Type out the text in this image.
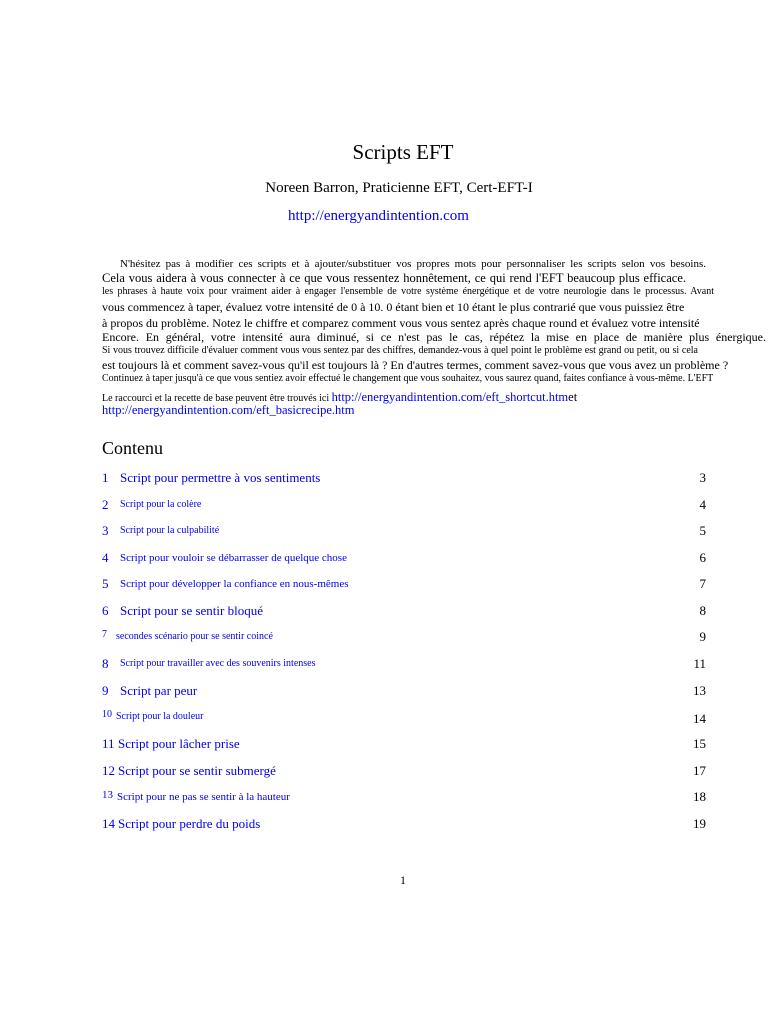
Scripts EFT
Noreen Barron, Praticienne EFT, Cert-EFT-I
http://energyandintention.com
N'hésitez pas à modifier ces scripts et à ajouter/substituer vos propres mots pour personnaliser les scripts selon vos besoins.
Cela vous aidera à vous connecter à ce que vous ressentez honnêtement, ce qui rend l'EFT beaucoup plus efficace.
les phrases à haute voix pour vraiment aider à engager l'ensemble de votre système énergétique et de votre neurologie dans le processus. Avant
vous commencez à taper, évaluez votre intensité de 0 à 10. 0 étant bien et 10 étant le plus contrarié que vous puissiez être
à propos du problème. Notez le chiffre et comparez comment vous vous sentez après chaque round et évaluez votre intensité
Encore. En général, votre intensité aura diminué, si ce n'est pas le cas, répétez la mise en place de manière plus énergique.
Si vous trouvez difficile d'évaluer comment vous vous sentez par des chiffres, demandez-vous à quel point le problème est grand ou petit, ou si cela
est toujours là et comment savez-vous qu'il est toujours là ? En d'autres termes, comment savez-vous que vous avez un problème ?
Continuez à taper jusqu'à ce que vous sentiez avoir effectué le changement que vous souhaitez, vous saurez quand, faites confiance à vous-même. L'EFT
Le raccourci et la recette de base peuvent être trouvés ici http://energyandintention.com/eft_shortcut.htmet
http://energyandintention.com/eft_basicrecipe.htm
Contenu
1 Script pour permettre à vos sentiments	3
2 Script pour la colère	4
3 Script pour la culpabilité	5
4 Script pour vouloir se débarrasser de quelque chose	6
5 Script pour développer la confiance en nous-mêmes	7
6 Script pour se sentir bloqué	8
7 secondes scénario pour se sentir coincé	9
8 Script pour travailler avec des souvenirs intenses	11
9 Script par peur	13
10 Script pour la douleur	14
11 Script pour lâcher prise	15
12 Script pour se sentir submergé	17
13 Script pour ne pas se sentir à la hauteur	18
14 Script pour perdre du poids	19
1
